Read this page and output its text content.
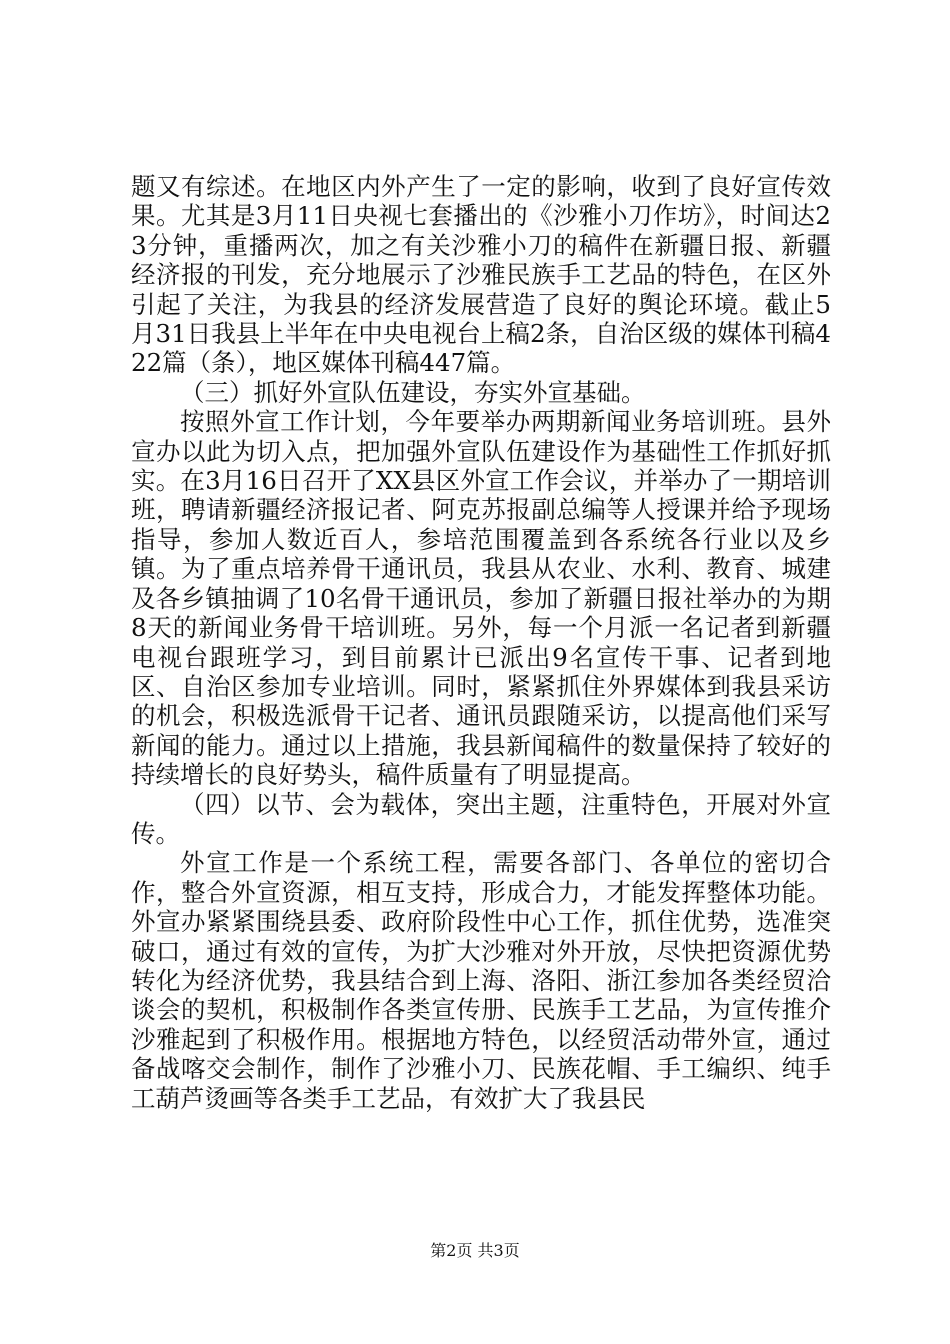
题又有综述。在地区内外产生了一定的影响，收到了良好宣传效果。尤其是3月11日央视七套播出的《沙雅小刀作坊》，时间达23分钟，重播两次，加之有关沙雅小刀的稿件在新疆日报、新疆经济报的刊发，充分地展示了沙雅民族手工艺品的特色，在区外引起了关注，为我县的经济发展营造了良好的舆论环境。截止5月31日我县上半年在中央电视台上稿2条，自治区级的媒体刊稿422篇（条），地区媒体刊稿447篇。

（三）抓好外宣队伍建设，夯实外宣基础。

按照外宣工作计划，今年要举办两期新闻业务培训班。县外宣办以此为切入点，把加强外宣队伍建设作为基础性工作抓好抓实。在3月16日召开了XX县区外宣工作会议，并举办了一期培训班，聘请新疆经济报记者、阿克苏报副总编等人授课并给予现场指导，参加人数近百人，参培范围覆盖到各系统各行业以及乡镇。为了重点培养骨干通讯员，我县从农业、水利、教育、城建及各乡镇抽调了10名骨干通讯员，参加了新疆日报社举办的为期8天的新闻业务骨干培训班。另外，每一个月派一名记者到新疆电视台跟班学习，到目前累计已派出9名宣传干事、记者到地区、自治区参加专业培训。同时，紧紧抓住外界媒体到我县采访的机会，积极选派骨干记者、通讯员跟随采访，以提高他们采写新闻的能力。通过以上措施，我县新闻稿件的数量保持了较好的持续增长的良好势头，稿件质量有了明显提高。

（四）以节、会为载体，突出主题，注重特色，开展对外宣传。

外宣工作是一个系统工程，需要各部门、各单位的密切合作，整合外宣资源，相互支持，形成合力，才能发挥整体功能。外宣办紧紧围绕县委、政府阶段性中心工作，抓住优势，选准突破口，通过有效的宣传，为扩大沙雅对外开放，尽快把资源优势转化为经济优势，我县结合到上海、洛阳、浙江参加各类经贸洽谈会的契机，积极制作各类宣传册、民族手工艺品，为宣传推介沙雅起到了积极作用。根据地方特色，以经贸活动带外宣，通过备战喀交会制作，制作了沙雅小刀、民族花帽、手工编织、纯手工葫芦烫画等各类手工艺品，有效扩大了我县民

第2页 共3页
